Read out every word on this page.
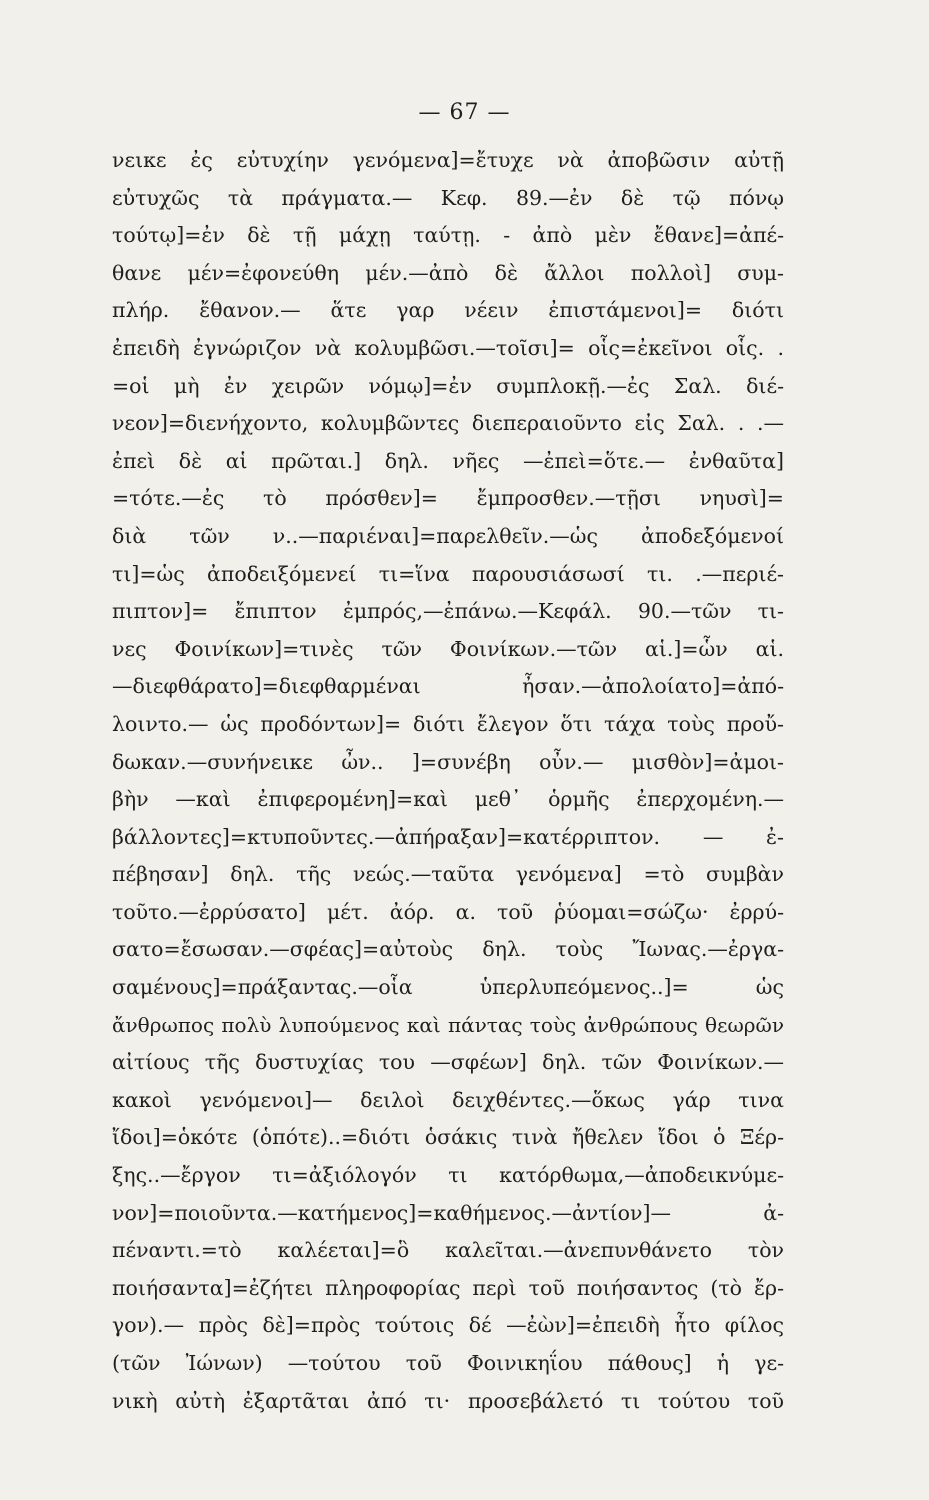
— 67 —
νεικε ἐς εὐτυχίην γενόμενα]=ἔτυχε νὰ ἀποβῶσιν αὐτῇ
εὐτυχῶς τὰ πράγματα.— Κεφ. 89.—ἐν δὲ τῷ πόνῳ
τούτῳ]=ἐν δὲ τῇ μάχῃ ταύτῃ. - ἀπὸ μὲν ἔθανε]=ἀπέ-
θανε μέν=ἐφονεύθη μέν.—ἀπὸ δὲ ἄλλοι πολλοὶ] συμ-
πλήρ. ἔθανον.— ἅτε γαρ νέειν ἐπιστάμενοι]= διότι
ἐπειδὴ ἐγνώριζον νὰ κολυμβῶσι.—τοῖσι]= οἷς=ἐκεῖνοι οἷς. .
=οἱ μὴ ἐν χειρῶν νόμῳ]=ἐν συμπλοκῇ.—ἐς Σαλ. διέ-
νεον]=διενήχοντο, κολυμβῶντες διεπεραιοῦντο εἰς Σαλ. . .—
ἐπεὶ δὲ αἱ πρῶται.] δηλ. νῆες —ἐπεὶ=ὅτε.— ἐνθαῦτα]
=τότε.—ἐς τὸ πρόσθεν]= ἔμπροσθεν.—τῇσι νηυσὶ]=
διὰ τῶν ν..—παριέναι]=παρελθεῖν.—ὡς ἀποδεξόμενοί
τι]=ὡς ἀποδειξόμενεί τι=ἵνα παρουσιάσωσί τι. .—περιέ-
πιπτον]= ἔπιπτον ἐμπρός,—ἐπάνω.—Κεφάλ. 90.—τῶν τι-
νες Φοινίκων]=τινὲς τῶν Φοινίκων.—τῶν αἱ.]=ὧν αἱ.
—διεφθάρατο]=διεφθαρμέναι ἦσαν.—ἀπολοίατο]=ἀπό-
λοιντο.— ὡς προδόντων]= διότι ἔλεγον ὅτι τάχα τοὺς προὔ-
δωκαν.—συνήνεικε ὦν.. ]=συνέβη οὖν.— μισθὸν]=ἀμοι-
βὴν —καὶ ἐπιφερομένη]=καὶ μεθ᾽ ὁρμῆς ἐπερχομένη.—
βάλλοντες]=κτυποῦντες.—ἀπήραξαν]=κατέρριπτον. — ἐ-
πέβησαν] δηλ. τῆς νεώς.—ταῦτα γενόμενα] =τὸ συμβὰν
τοῦτο.—ἐρρύσατο] μέτ. ἀόρ. α. τοῦ ῥύομαι=σώζω· ἐρρύ-
σατο=ἔσωσαν.—σφέας]=αὐτοὺς δηλ. τοὺς Ἴωνας.—ἐργα-
σαμένους]=πράξαντας.—οἷα ὑπερλυπεόμενος..]= ὡς
ἄνθρωπος πολὺ λυπούμενος καὶ πάντας τοὺς ἀνθρώπους θεωρῶν
αἰτίους τῆς δυστυχίας του —σφέων] δηλ. τῶν Φοινίκων.—
κακοὶ γενόμενοι]— δειλοὶ δειχθέντες.—ὅκως γάρ τινα
ἴδοι]=ὁκότε (ὁπότε)..=διότι ὁσάκις τινὰ ἤθελεν ἴδοι ὁ Ξέρ-
ξης..—ἔργον τι=ἀξιόλογόν τι κατόρθωμα,—ἀποδεικνύμε-
νον]=ποιοῦντα.—κατήμενος]=καθήμενος.—ἀντίον]— ἀ-
πέναντι.=τὸ καλέεται]=ὃ καλεῖται.—ἀνεπυνθάνετο τὸν
ποιήσαντα]=ἐζήτει πληροφορίας περὶ τοῦ ποιήσαντος (τὸ ἔρ-
γον).— πρὸς δὲ]=πρὸς τούτοις δέ —ἐὼν]=ἐπειδὴ ἦτο φίλος
(τῶν Ἰώνων) —τούτου τοῦ Φοινικηΐου πάθους] ἡ γε-
νικὴ αὐτὴ ἐξαρτᾶται ἀπό τι· προσεβάλετό τι τούτου τοῦ
